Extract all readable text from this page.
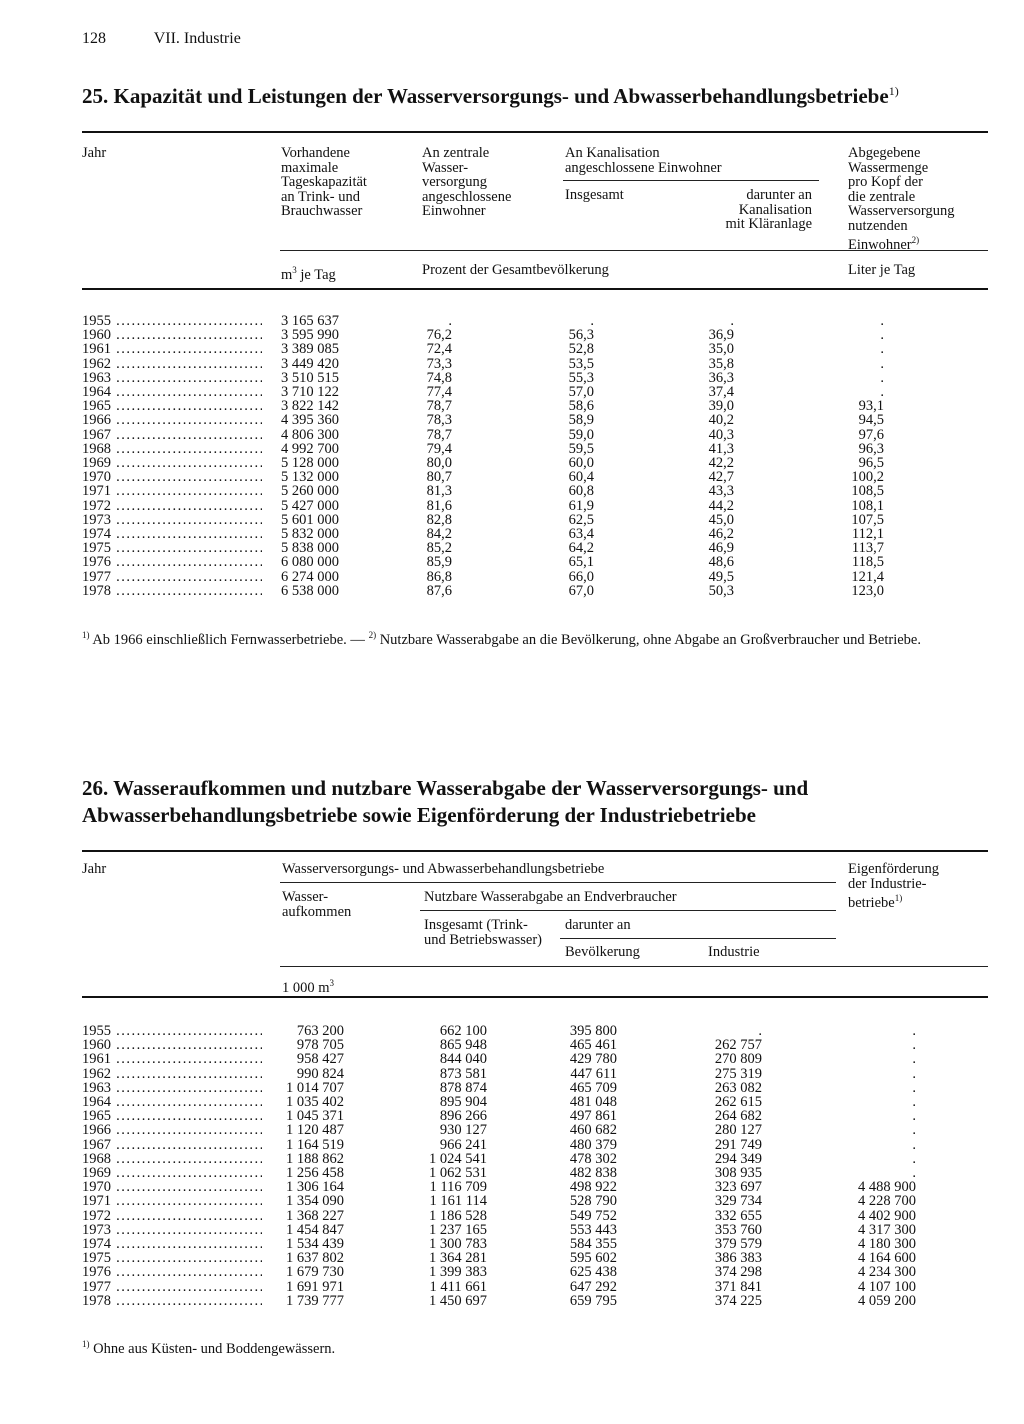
128	VII. Industrie
25. Kapazität und Leistungen der Wasserversorgungs- und Abwasserbehandlungsbetriebe$^{1)}$
Jahr	Vorhandene
maximale
Tageskapazität
an Trink- und
Brauchwasser
An zentrale
Wasser-
versorgung
angeschlossene
Einwohner
An Kanalisation
angeschlossene Einwohner
Insgesamt	darunter an
Kanalisation
mit Kläranlage
Abgegebene
Wassermenge
pro Kopf der
die zentrale
Wasserversorgung
nutzenden
Einwohner$^{2)}$
$m^3$ je Tag	Prozent der Gesamtbevölkerung	Liter je Tag
1955 .....	3 165 637	.	.	.	.
1960 .....	3 595 990	76,2	56,3	36,9	.
1961 .....	3 389 085	72,4	52,8	35,0	.
1962 .....	3 449 420	73,3	53,5	35,8	.
1963 .....	3 510 515	74,8	55,3	36,3	.
1964 .....	3 710 122	77,4	57,0	37,4	.
1965 .....	3 822 142	78,7	58,6	39,0	93,1
1966 .....	4 395 360	78,3	58,9	40,2	94,5
1967 .....	4 806 300	78,7	59,0	40,3	97,6
1968 .....	4 992 700	79,4	59,5	41,3	96,3
1969 .....	5 128 000	80,0	60,0	42,2	96,5
1970 .....	5 132 000	80,7	60,4	42,7	100,2
1971 .....	5 260 000	81,3	60,8	43,3	108,5
1972 .....	5 427 000	81,6	61,9	44,2	108,1
1973 .....	5 601 000	82,8	62,5	45,0	107,5
1974 .....	5 832 000	84,2	63,4	46,2	112,1
1975 .....	5 838 000	85,2	64,2	46,9	113,7
1976 .....	6 080 000	85,9	65,1	48,6	118,5
1977 .....	6 274 000	86,8	66,0	49,5	121,4
1978 .....	6 538 000	87,6	67,0	50,3	123,0
$^{1)}$ Ab 1966 einschließlich Fernwasserbetriebe. — $^{2)}$ Nutzbare Wasserabgabe an die Bevölkerung, ohne Abgabe an Großverbraucher und Betriebe.
26. Wasseraufkommen und nutzbare Wasserabgabe der Wasserversorgungs- und Abwasserbehandlungsbetriebe sowie Eigenförderung der Industriebetriebe
Jahr	Wasserversorgungs- und Abwasserbehandlungsbetriebe
Wasser-
aufkommen
Nutzbare Wasserabgabe an Endverbraucher
Insgesamt (Trink-
und Betriebswasser)
darunter an
Bevölkerung	Industrie
Eigenförderung
der Industrie-
betriebe$^{1)}$
1 000 $m^3$
1955 .....	763 200	662 100	395 800	.	.
1960 .....	978 705	865 948	465 461	262 757	.
1961 .....	958 427	844 040	429 780	270 809	.
1962 .....	990 824	873 581	447 611	275 319	.
1963 .....	1 014 707	878 874	465 709	263 082	.
1964 .....	1 035 402	895 904	481 048	262 615	.
1965 .....	1 045 371	896 266	497 861	264 682	.
1966 .....	1 120 487	930 127	460 682	280 127	.
1967 .....	1 164 519	966 241	480 379	291 749	.
1968 .....	1 188 862	1 024 541	478 302	294 349	.
1969 .....	1 256 458	1 062 531	482 838	308 935	.
1970 .....	1 306 164	1 116 709	498 922	323 697	4 488 900
1971 .....	1 354 090	1 161 114	528 790	329 734	4 228 700
1972 .....	1 368 227	1 186 528	549 752	332 655	4 402 900
1973 .....	1 454 847	1 237 165	553 443	353 760	4 317 300
1974 .....	1 534 439	1 300 783	584 355	379 579	4 180 300
1975 .....	1 637 802	1 364 281	595 602	386 383	4 164 600
1976 .....	1 679 730	1 399 383	625 438	374 298	4 234 300
1977 .....	1 691 971	1 411 661	647 292	371 841	4 107 100
1978 .....	1 739 777	1 450 697	659 795	374 225	4 059 200
$^{1)}$ Ohne aus Küsten- und Boddengewässern.
